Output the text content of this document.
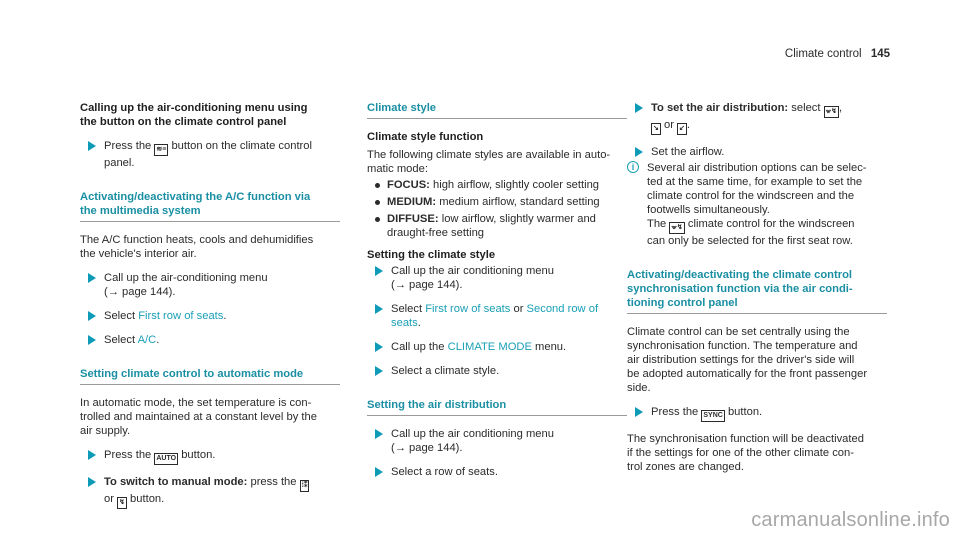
Climate control 145
Calling up the air-conditioning menu using
the button on the climate control panel
Press the ≋≡ button on the climate control
panel.
Activating/deactivating the A/C function via
the multimedia system
The A/C function heats, cools and dehumidifies
the vehicle's interior air.
Call up the air-conditioning menu
(→ page 144).
Select First row of seats.
Select A/C.
Setting climate control to automatic mode
In automatic mode, the set temperature is con-
trolled and maintained at a constant level by the
air supply.
Press the AUTO button.
To switch to manual mode: press the ⁞⁑
or ↯ button.
Climate style
Climate style function
The following climate styles are available in auto-
matic mode:
FOCUS: high airflow, slightly cooler setting
MEDIUM: medium airflow, standard setting
DIFFUSE: low airflow, slightly warmer and
draught-free setting
Setting the climate style
Call up the air conditioning menu
(→ page 144).
Select First row of seats or Second row of
seats.
Call up the CLIMATE MODE menu.
Select a climate style.
Setting the air distribution
Call up the air conditioning menu
(→ page 144).
Select a row of seats.
To set the air distribution: select ⩖↯ ,
↘ or ↙ .
Set the airflow.
i	Several air distribution options can be selec-
ted at the same time, for example to set the
climate control for the windscreen and the
footwells simultaneously.
The ⩖↯ climate control for the windscreen
can only be selected for the first seat row.
Activating/deactivating the climate control
synchronisation function via the air condi-
tioning control panel
Climate control can be set centrally using the
synchronisation function. The temperature and
air distribution settings for the driver's side will
be adopted automatically for the front passenger
side.
Press the SYNC button.
The synchronisation function will be deactivated
if the settings for one of the other climate con-
trol zones are changed.
carmanualsonline.info
